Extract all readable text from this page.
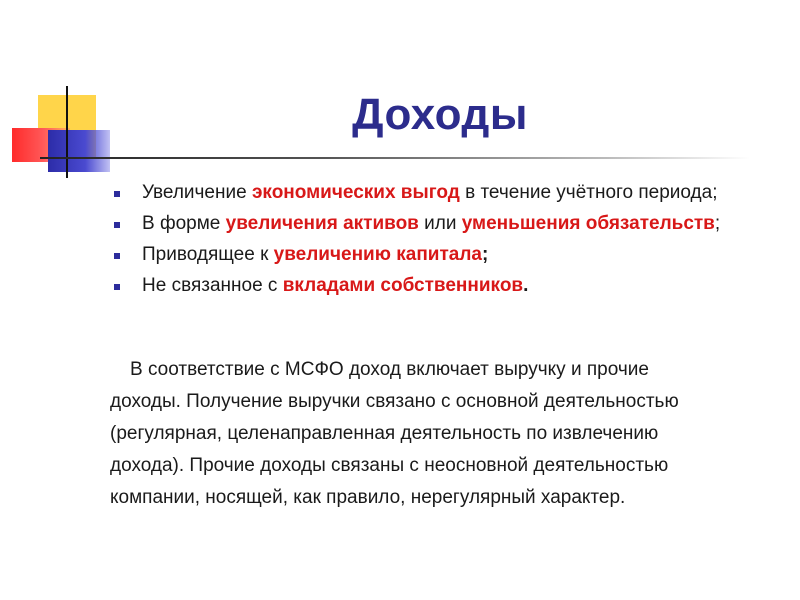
Доходы
Увеличение экономических выгод в течение учётного периода;
В форме увеличения активов или уменьшения обязательств;
Приводящее к увеличению капитала;
Не связанное с вкладами собственников.

В соответствие с МСФО доход включает выручку и прочие
доходы. Получение выручки связано с основной деятельностью
(регулярная, целенаправленная деятельность по извлечению
дохода). Прочие доходы связаны с неосновной деятельностью
компании, носящей, как правило, нерегулярный характер.
